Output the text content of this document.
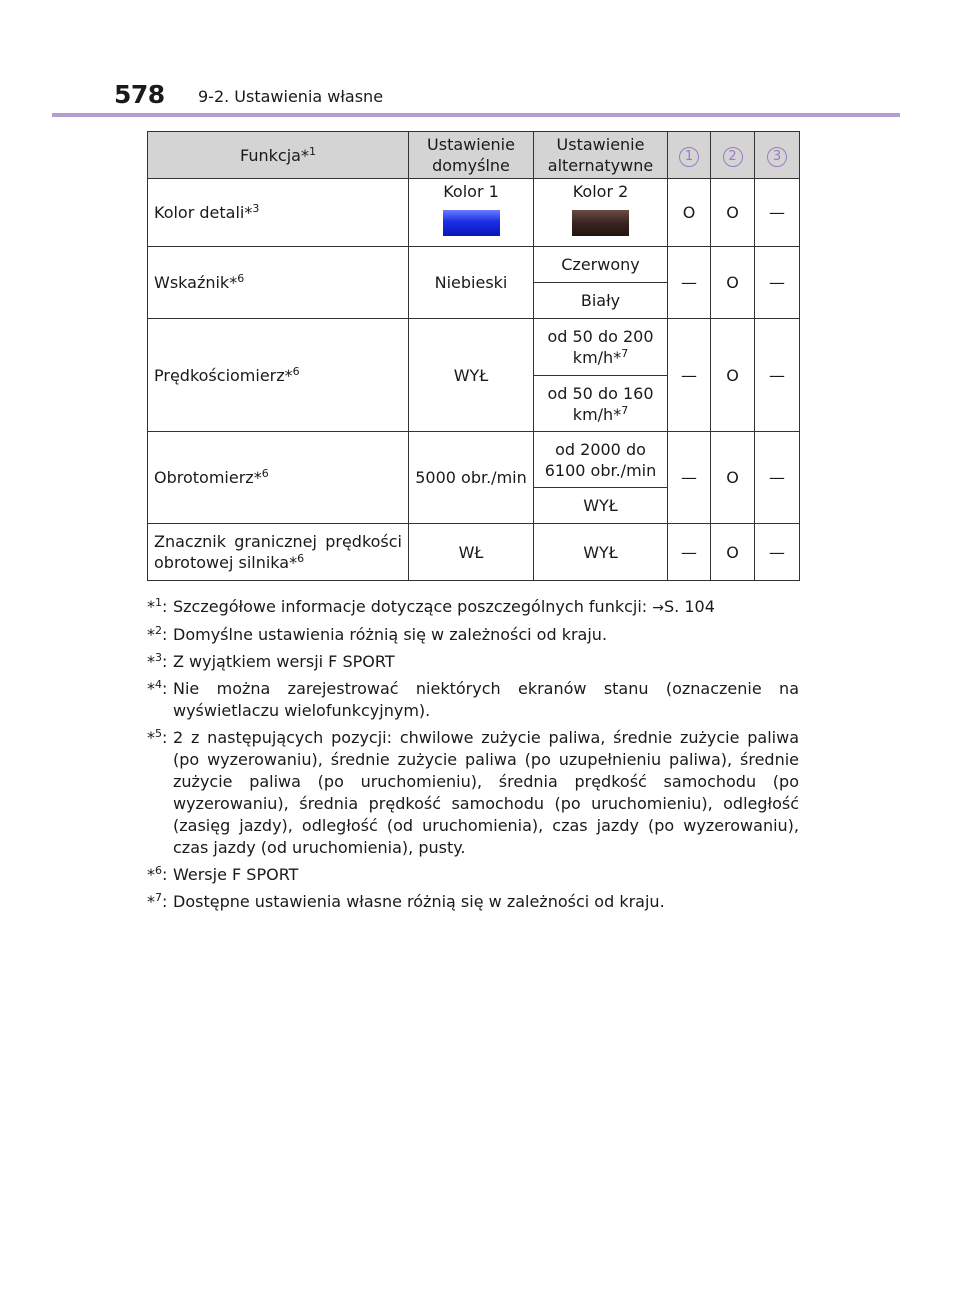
578 9-2. Ustawienia własne
Funkcja*$^1$	Ustawienie domyślne	Ustawienie alternatywne	1	2	3
Kolor detali*$^3$	Kolor 1	Kolor 2	O	O	—
Wskaźnik*$^6$	Niebieski	Czerwony	—	O	—
		Biały			
Prędkościomierz*$^6$	WYŁ	od 50 do 200 km/h*$^7$	—	O	—
		od 50 do 160 km/h*$^7$
Obrotomierz*$^6$	5000 obr./min	od 2000 do 6100 obr./min	—	O	—
		WYŁ			

Znacznik granicznej prędkości
obrotowej silnika*$^6$	WŁ	WYŁ	—	O	—
*$^1$: Szczegółowe informacje dotyczące poszczególnych funkcji: →S. 104
*$^2$: Domyślne ustawienia różnią się w zależności od kraju.
*$^3$: Z wyjątkiem wersji F SPORT
*$^4$: Nie można zarejestrować niektórych ekranów stanu (oznaczenie na wyświetlaczu wielofunkcyjnym).
*$^5$: 2 z następujących pozycji: chwilowe zużycie paliwa, średnie zużycie paliwa (po wyzerowaniu), średnie zużycie paliwa (po uzupełnieniu paliwa), średnie zużycie paliwa (po uruchomieniu), średnia prędkość samochodu (po wyzerowaniu), średnia prędkość samochodu (po uruchomieniu), odległość (zasięg jazdy), odległość (od uruchomienia), czas jazdy (po wyzerowaniu), czas jazdy (od uruchomienia), pusty.
*$^6$: Wersje F SPORT
*$^7$: Dostępne ustawienia własne różnią się w zależności od kraju.
